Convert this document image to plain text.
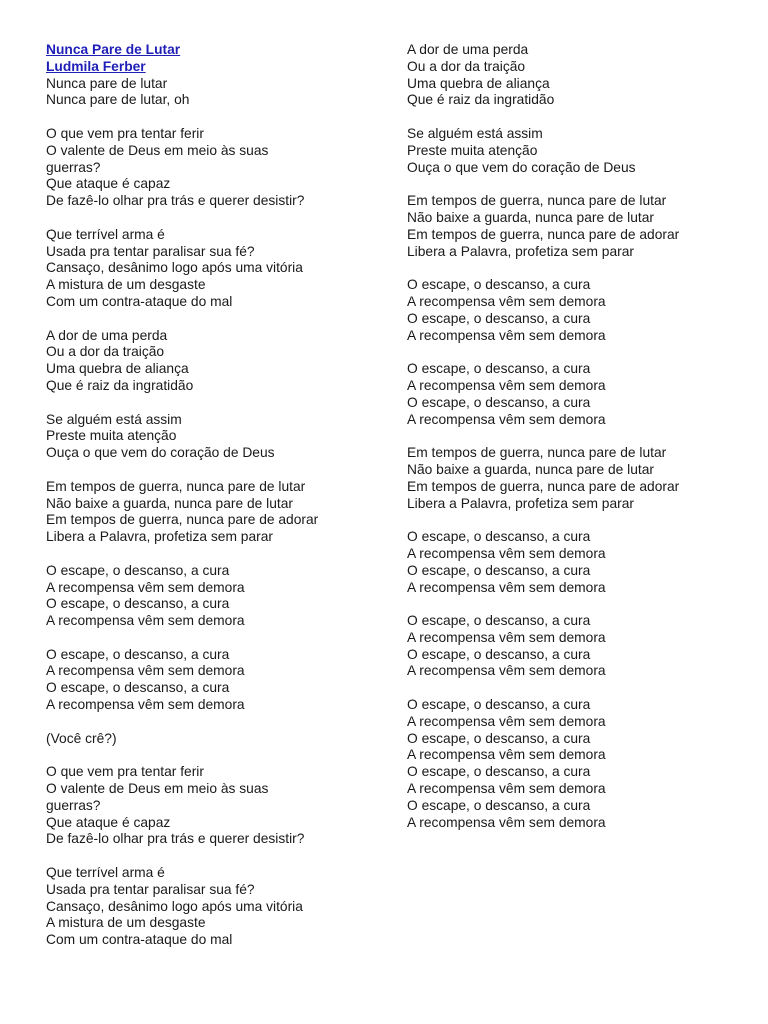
Nunca Pare de Lutar
Ludmila Ferber
Nunca pare de lutar
Nunca pare de lutar, oh
O que vem pra tentar ferir
O valente de Deus em meio às suas
guerras?
Que ataque é capaz
De fazê-lo olhar pra trás e querer desistir?
Que terrível arma é
Usada pra tentar paralisar sua fé?
Cansaço, desânimo logo após uma vitória
A mistura de um desgaste
Com um contra-ataque do mal
A dor de uma perda
Ou a dor da traição
Uma quebra de aliança
Que é raiz da ingratidão
Se alguém está assim
Preste muita atenção
Ouça o que vem do coração de Deus
Em tempos de guerra, nunca pare de lutar
Não baixe a guarda, nunca pare de lutar
Em tempos de guerra, nunca pare de adorar
Libera a Palavra, profetiza sem parar
O escape, o descanso, a cura
A recompensa vêm sem demora
O escape, o descanso, a cura
A recompensa vêm sem demora
O escape, o descanso, a cura
A recompensa vêm sem demora
O escape, o descanso, a cura
A recompensa vêm sem demora
(Você crê?)
O que vem pra tentar ferir
O valente de Deus em meio às suas
guerras?
Que ataque é capaz
De fazê-lo olhar pra trás e querer desistir?
Que terrível arma é
Usada pra tentar paralisar sua fé?
Cansaço, desânimo logo após uma vitória
A mistura de um desgaste
Com um contra-ataque do mal
A dor de uma perda
Ou a dor da traição
Uma quebra de aliança
Que é raiz da ingratidão
Se alguém está assim
Preste muita atenção
Ouça o que vem do coração de Deus
Em tempos de guerra, nunca pare de lutar
Não baixe a guarda, nunca pare de lutar
Em tempos de guerra, nunca pare de adorar
Libera a Palavra, profetiza sem parar
O escape, o descanso, a cura
A recompensa vêm sem demora
O escape, o descanso, a cura
A recompensa vêm sem demora
O escape, o descanso, a cura
A recompensa vêm sem demora
O escape, o descanso, a cura
A recompensa vêm sem demora
Em tempos de guerra, nunca pare de lutar
Não baixe a guarda, nunca pare de lutar
Em tempos de guerra, nunca pare de adorar
Libera a Palavra, profetiza sem parar
O escape, o descanso, a cura
A recompensa vêm sem demora
O escape, o descanso, a cura
A recompensa vêm sem demora
O escape, o descanso, a cura
A recompensa vêm sem demora
O escape, o descanso, a cura
A recompensa vêm sem demora
O escape, o descanso, a cura
A recompensa vêm sem demora
O escape, o descanso, a cura
A recompensa vêm sem demora
O escape, o descanso, a cura
A recompensa vêm sem demora
O escape, o descanso, a cura
A recompensa vêm sem demora
